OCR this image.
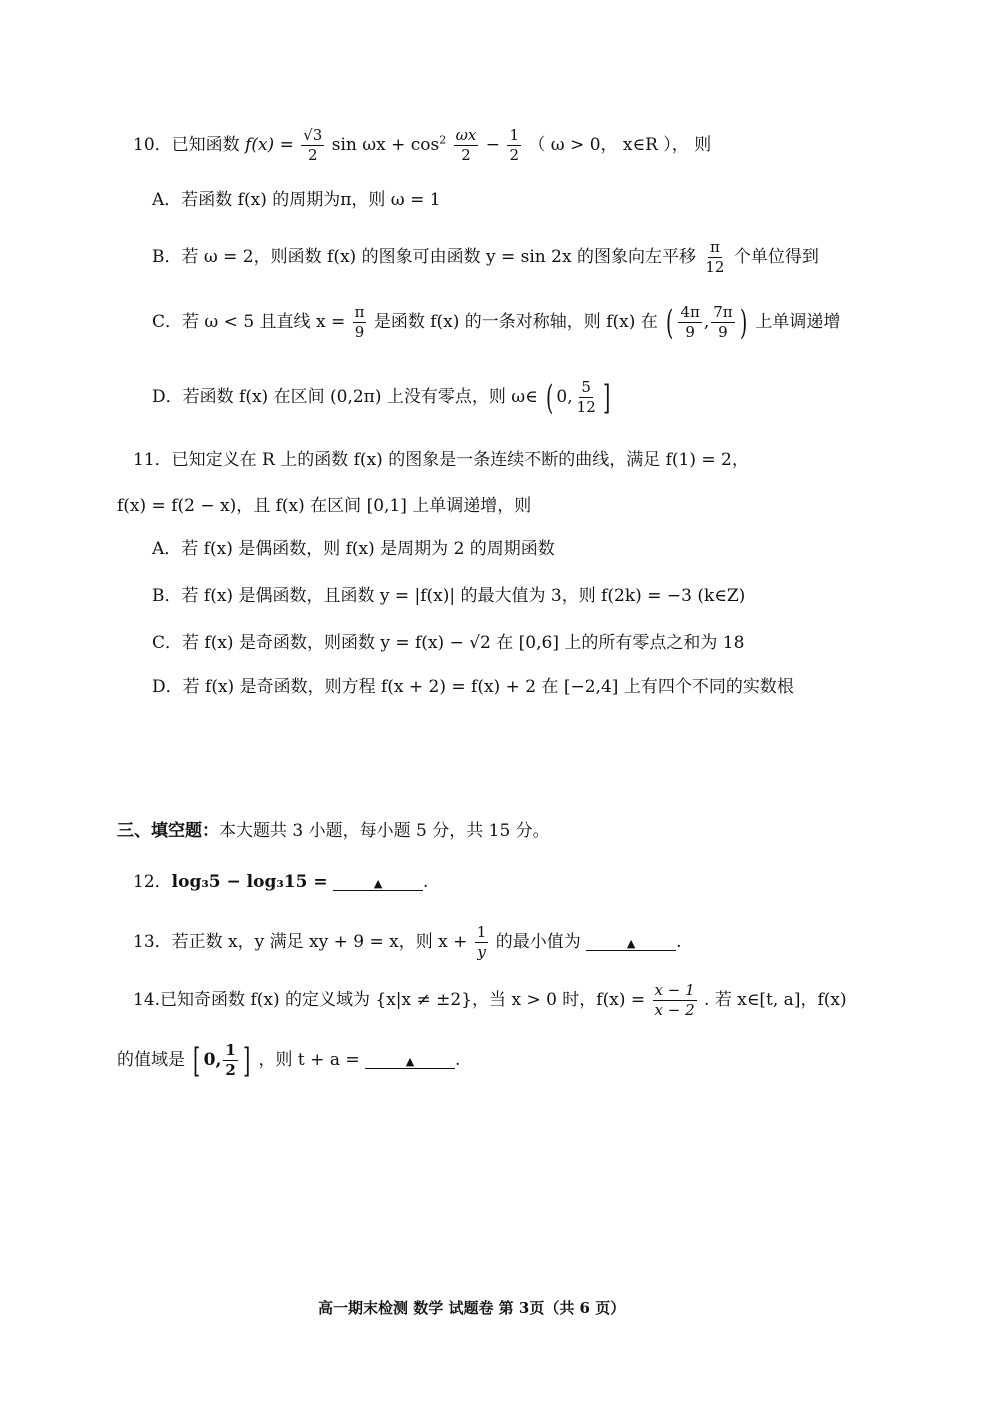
10．已知函数 $f(x) = \frac{√3}{2}$ $\sin \omega x + \cos^2 \frac{\omega x}{2} - \frac{1}{2}$ （ ω > 0， x∈R ）， 则
A．若函数 f(x) 的周期为π，则 ω = 1
B．若 ω = 2，则函数 f(x) 的图象可由函数 y = sin 2x 的图象向左平移 $\frac{\pi}{12}$ 个单位得到
C．若 ω < 5 且直线 $x = \frac{\pi}{9}$ 是函数 f(x) 的一条对称轴，则 f(x) 在 ( $\frac{4\pi}{9}$ , $\frac{7\pi}{9}$ ) 上单调递增
D．若函数 f(x) 在区间 (0,2π) 上没有零点，则 ω∈ ( 0, $\frac{5}{12}$ ]
11．已知定义在 R 上的函数 f(x) 的图象是一条连续不断的曲线，满足 f(1) = 2，
f(x) = f(2 − x)，且 f(x) 在区间 [0,1] 上单调递增，则
A．若 f(x) 是偶函数，则 f(x) 是周期为 2 的周期函数
B．若 f(x) 是偶函数，且函数 y = |f(x)| 的最大值为 3，则 f(2k) = −3 (k∈Z)
C．若 f(x) 是奇函数，则函数 y = f(x) − √2 在 [0,6] 上的所有零点之和为 18
D．若 f(x) 是奇函数，则方程 f(x + 2) = f(x) + 2 在 [−2,4] 上有四个不同的实数根
三、填空题：本大题共 3 小题，每小题 5 分，共 15 分。
12．log₃5 − log₃15 =	▲ .
13．若正数 x，y 满足 xy + 9 = x，则 $x + \frac{1}{y}$ 的最小值为	▲ .
14.已知奇函数 f(x) 的定义域为 {x|x ≠ ±2}，当 x > 0 时，$f(x) = \frac{x - 1}{x - 2}$ . 若 x∈[t, a]，f(x)
的值域是 [ 0, $\frac{1}{2}$ ] ，则 t + a =	▲ .
高一期末检测 数学 试题卷 第 3页（共 6 页）
